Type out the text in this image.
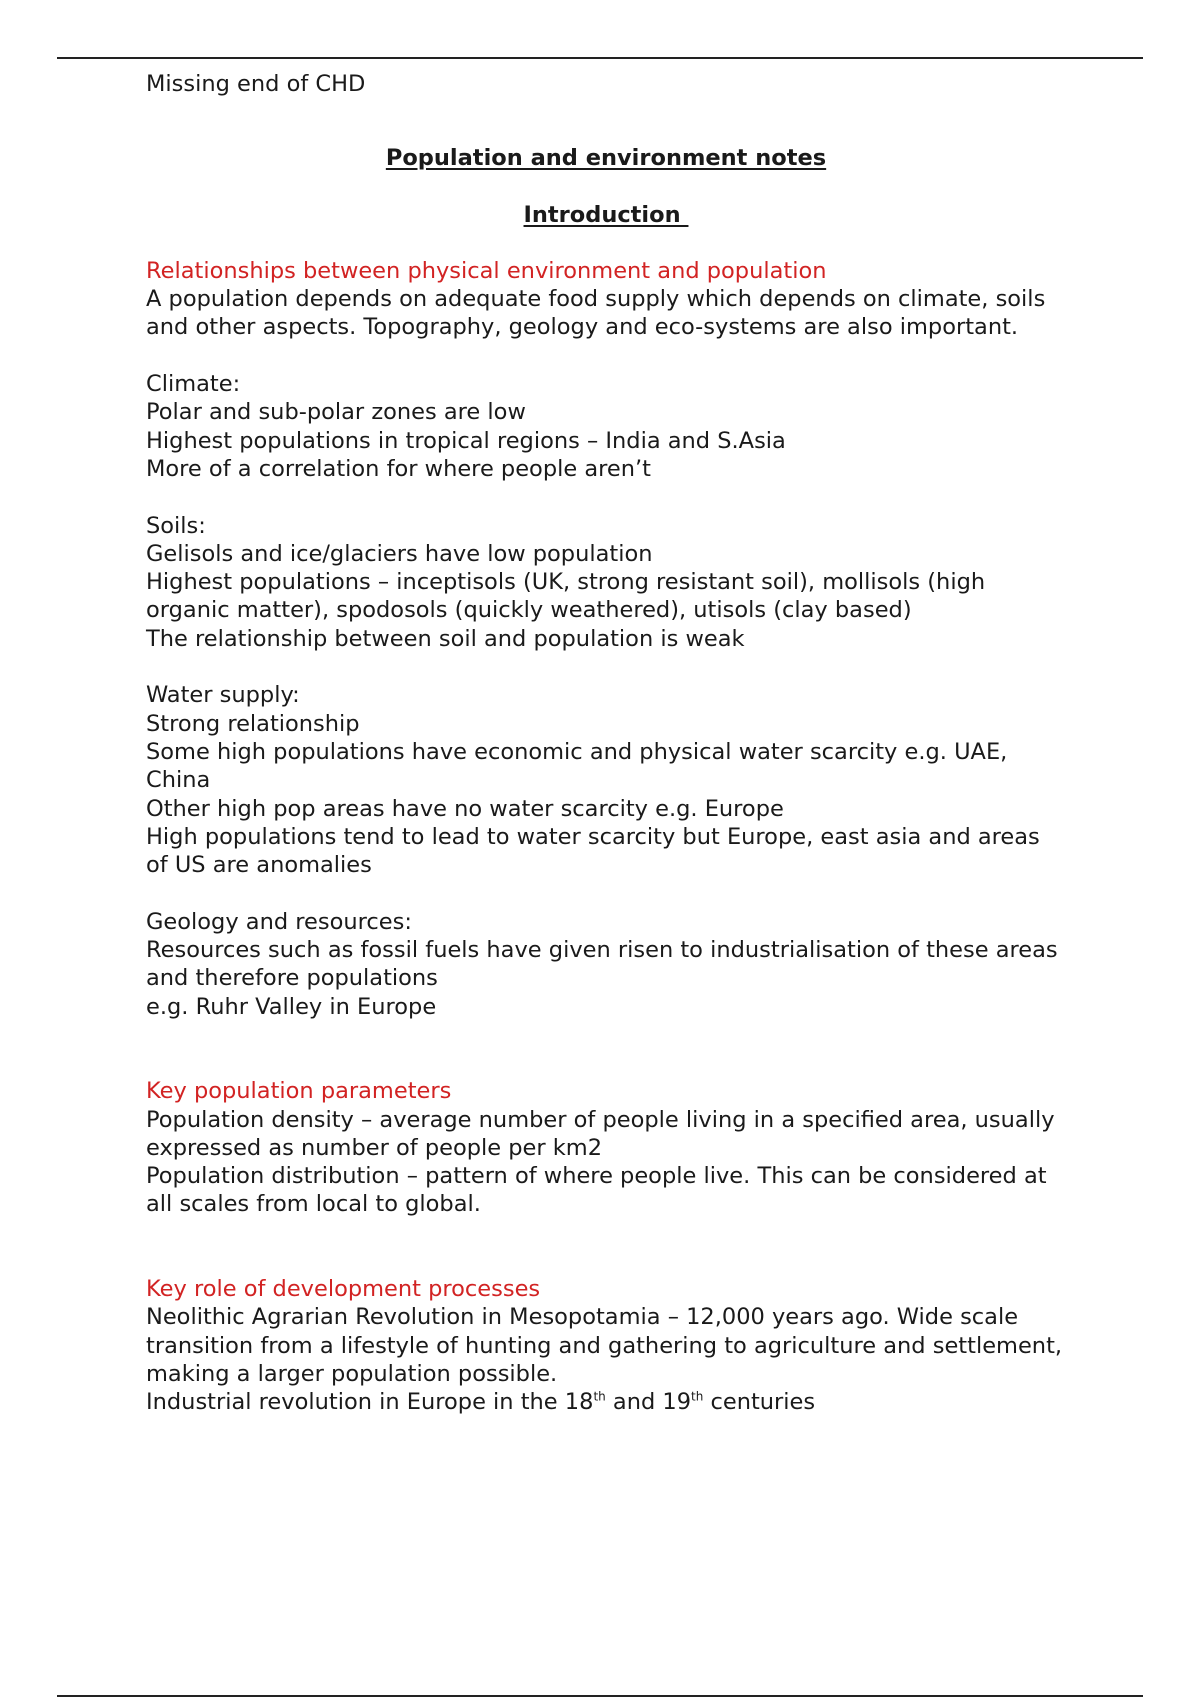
Missing end of CHD
Population and environment notes
Introduction
Relationships between physical environment and population
A population depends on adequate food supply which depends on climate, soils and other aspects. Topography, geology and eco-systems are also important.
Climate:
Polar and sub-polar zones are low
Highest populations in tropical regions – India and S.Asia
More of a correlation for where people aren’t
Soils:
Gelisols and ice/glaciers have low population
Highest populations – inceptisols (UK, strong resistant soil), mollisols (high organic matter), spodosols (quickly weathered), utisols (clay based)
The relationship between soil and population is weak
Water supply:
Strong relationship
Some high populations have economic and physical water scarcity e.g. UAE, China
Other high pop areas have no water scarcity e.g. Europe
High populations tend to lead to water scarcity but Europe, east asia and areas of US are anomalies
Geology and resources:
Resources such as fossil fuels have given risen to industrialisation of these areas and therefore populations
e.g. Ruhr Valley in Europe
Key population parameters
Population density – average number of people living in a specified area, usually expressed as number of people per km2
Population distribution – pattern of where people live. This can be considered at all scales from local to global.
Key role of development processes
Neolithic Agrarian Revolution in Mesopotamia – 12,000 years ago. Wide scale transition from a lifestyle of hunting and gathering to agriculture and settlement, making a larger population possible.
Industrial revolution in Europe in the 18th and 19th centuries
